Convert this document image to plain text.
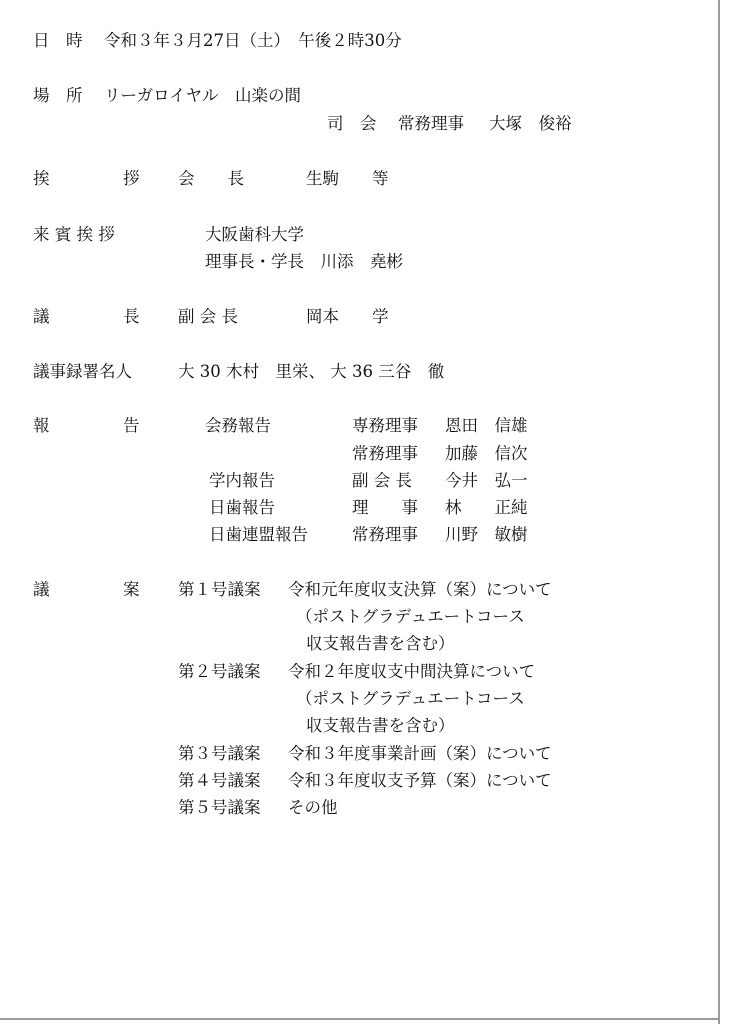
日　時 令和３年３月27日（土）　午後２時30分
場　所 リーガロイヤル　山楽の間
司　会 常務理事 大塚　俊裕
挨	拶 会　　長	生駒　　等
来 賓 挨 拶	大阪歯科大学
理事長・学長　川添　堯彬
議	長 副 会 長	岡本　　学
議事録署名人	大 30 木村　里栄、 大 36 三谷　徹
報	告	会務報告	専務理事 恩田　信雄
常務理事 加藤　信次
学内報告	副 会 長 今井　弘一
日歯報告	理　　事 林　　正純
日歯連盟報告	常務理事 川野　敏樹
議	案 第１号議案 令和元年度収支決算（案）について
（ポストグラデュエートコース
収支報告書を含む）
第２号議案 令和２年度収支中間決算について
（ポストグラデュエートコース
収支報告書を含む）
第３号議案 令和３年度事業計画（案）について
第４号議案 令和３年度収支予算（案）について
第５号議案 その他
